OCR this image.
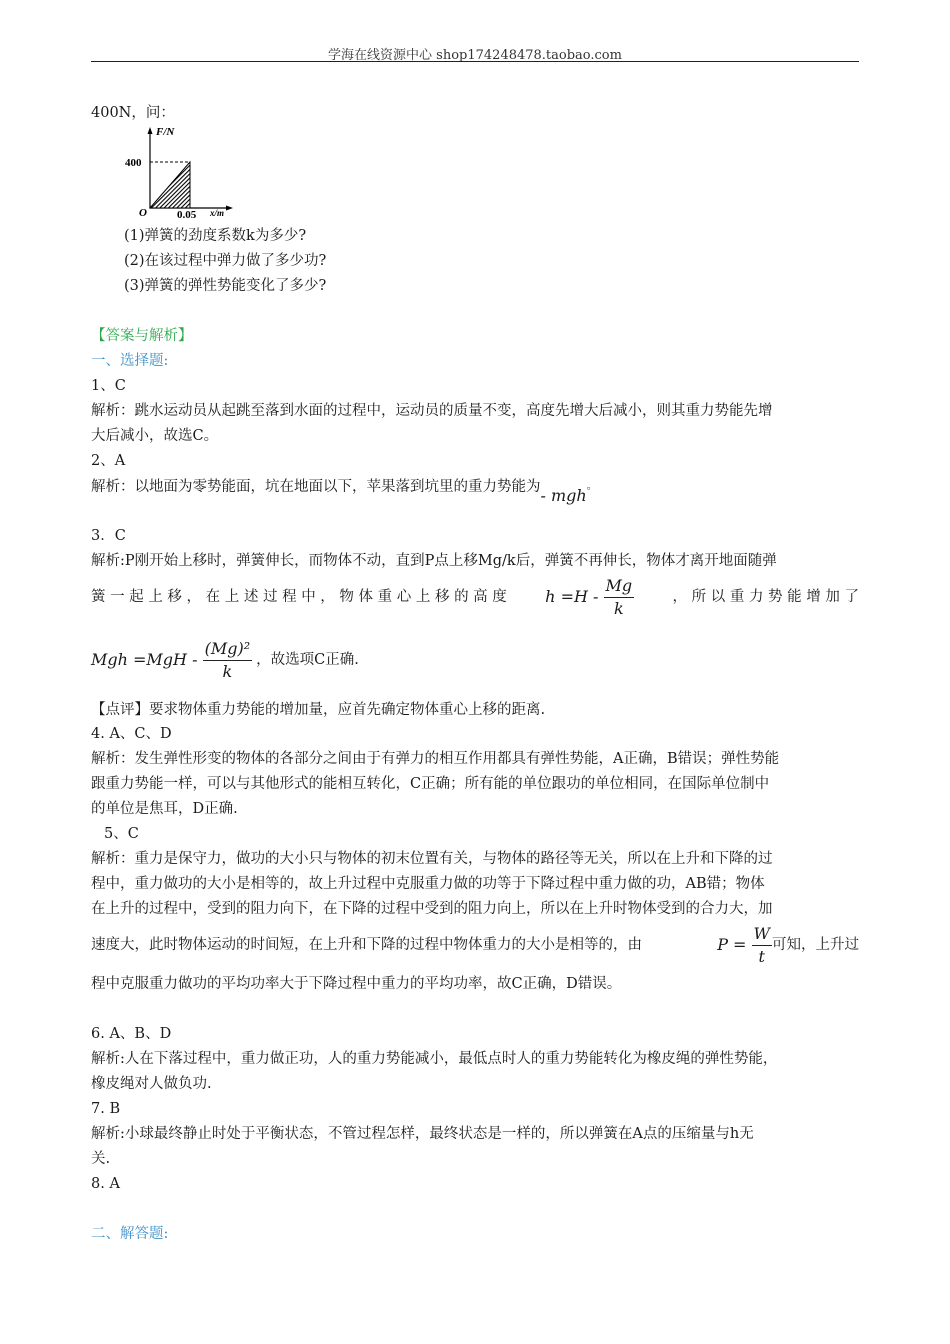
学海在线资源中心 shop174248478.taobao.com
400N，问：
F/N
400
O	0.05 x/m
(1)弹簧的劲度系数k为多少?
(2)在该过程中弹力做了多少功?
(3)弹簧的弹性势能变化了多少?
【答案与解析】
一、选择题:
1、C
解析：跳水运动员从起跳至落到水面的过程中，运动员的质量不变，高度先增大后减小，则其重力势能先增
大后减小，故选C。
2、A
解析：以地面为零势能面，坑在地面以下，苹果落到坑里的重力势能为- mgh。
3．C
解析:P刚开始上移时，弹簧伸长，而物体不动，直到P点上移Mg/k后，弹簧不再伸长，物体才离开地面随弹
簧 一 起 上 移 ， 在 上 述 过 程 中 ， 物 体 重 心 上 移 的 高 度 $h =H - \frac{Mg}{k}$	， 所 以 重 力 势 能 增 加 了
Mgh $=MgH - \frac{\text{(Mg)²}}{k}$ ，故选项C正确.
【点评】要求物体重力势能的增加量，应首先确定物体重心上移的距离.
4. A、C、D
解析：发生弹性形变的物体的各部分之间由于有弹力的相互作用都具有弹性势能，A正确，B错误；弹性势能
跟重力势能一样，可以与其他形式的能相互转化，C正确；所有能的单位跟功的单位相同，在国际单位制中
的单位是焦耳，D正确.
5、C
解析：重力是保守力，做功的大小只与物体的初末位置有关，与物体的路径等无关，所以在上升和下降的过
程中，重力做功的大小是相等的，故上升过程中克服重力做的功等于下降过程中重力做的功，AB错；物体
在上升的过程中，受到的阻力向下，在下降的过程中受到的阻力向上，所以在上升时物体受到的合力大，加
速度大，此时物体运动的时间短，在上升和下降的过程中物体重力的大小是相等的，由	$P = \frac{W}{t}$ 可知，上升过
程中克服重力做功的平均功率大于下降过程中重力的平均功率，故C正确，D错误。
6. A、B、D
解析:人在下落过程中，重力做正功，人的重力势能减小，最低点时人的重力势能转化为橡皮绳的弹性势能，
橡皮绳对人做负功.
7. B
解析:小球最终静止时处于平衡状态，不管过程怎样，最终状态是一样的，所以弹簧在A点的压缩量与h无
关.
8. A
二、解答题:
